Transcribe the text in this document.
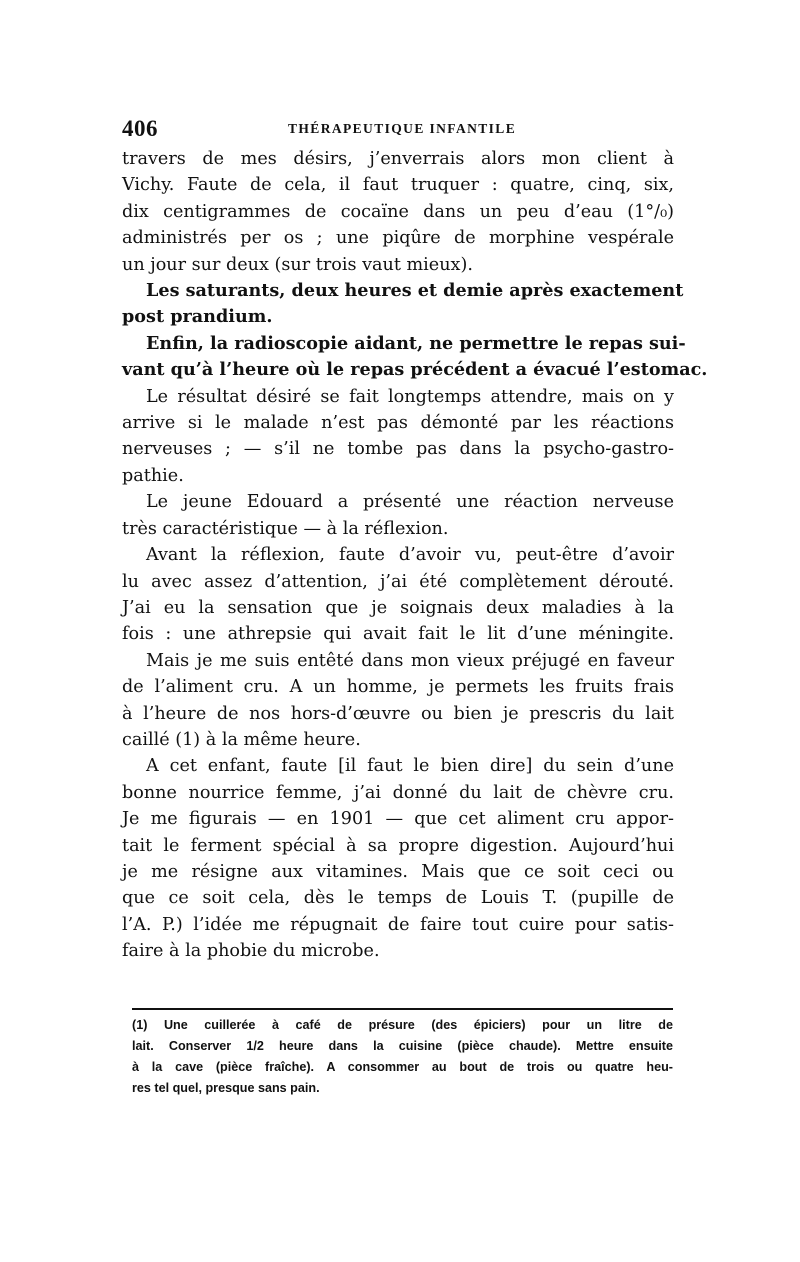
406	THÉRAPEUTIQUE INFANTILE

travers de mes désirs, j’enverrais alors mon client à
Vichy. Faute de cela, il faut truquer : quatre, cinq, six,
dix centigrammes de cocaïne dans un peu d’eau (1°/₀)
administrés per os ; une piqûre de morphine vespérale
un jour sur deux (sur trois vaut mieux).

Les saturants, deux heures et demie après exactement
post prandium.

Enfin, la radioscopie aidant, ne permettre le repas sui-
vant qu’à l’heure où le repas précédent a évacué l’estomac.

Le résultat désiré se fait longtemps attendre, mais on y
arrive si le malade n’est pas démonté par les réactions
nerveuses ; — s’il ne tombe pas dans la psycho-gastro-
pathie.

Le jeune Edouard a présenté une réaction nerveuse
très caractéristique — à la réflexion.

Avant la réflexion, faute d’avoir vu, peut-être d’avoir
lu avec assez d’attention, j’ai été complètement dérouté.
J’ai eu la sensation que je soignais deux maladies à la
fois : une athrepsie qui avait fait le lit d’une méningite.

Mais je me suis entêté dans mon vieux préjugé en faveur
de l’aliment cru. A un homme, je permets les fruits frais
à l’heure de nos hors-d’œuvre ou bien je prescris du lait
caillé (1) à la même heure.

A cet enfant, faute [il faut le bien dire] du sein d’une
bonne nourrice femme, j’ai donné du lait de chèvre cru.
Je me figurais — en 1901 — que cet aliment cru appor-
tait le ferment spécial à sa propre digestion. Aujourd’hui
je me résigne aux vitamines. Mais que ce soit ceci ou
que ce soit cela, dès le temps de Louis T. (pupille de
l’A. P.) l’idée me répugnait de faire tout cuire pour satis-
faire à la phobie du microbe.

(1) Une cuillerée à café de présure (des épiciers) pour un litre de
lait. Conserver 1/2 heure dans la cuisine (pièce chaude). Mettre ensuite
à la cave (pièce fraîche). A consommer au bout de trois ou quatre heu-
res tel quel, presque sans pain.
